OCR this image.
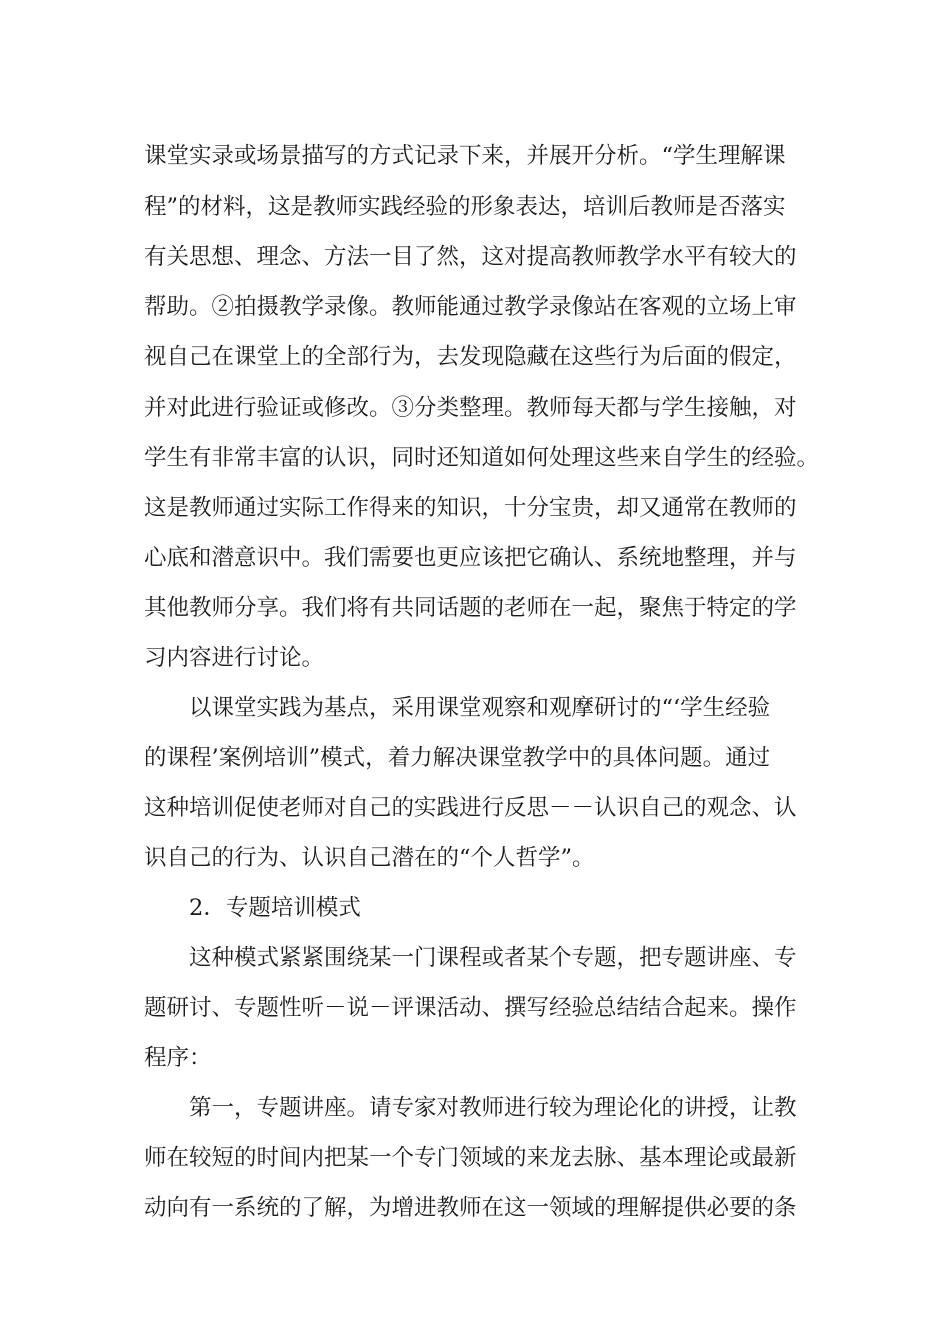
课堂实录或场景描写的方式记录下来，并展开分析。“学生理解课
程”的材料，这是教师实践经验的形象表达，培训后教师是否落实
有关思想、理念、方法一目了然，这对提高教师教学水平有较大的
帮助。②拍摄教学录像。教师能通过教学录像站在客观的立场上审
视自己在课堂上的全部行为，去发现隐藏在这些行为后面的假定，
并对此进行验证或修改。③分类整理。教师每天都与学生接触，对
学生有非常丰富的认识，同时还知道如何处理这些来自学生的经验。
这是教师通过实际工作得来的知识，十分宝贵，却又通常在教师的
心底和潜意识中。我们需要也更应该把它确认、系统地整理，并与
其他教师分享。我们将有共同话题的老师在一起，聚焦于特定的学
习内容进行讨论。
以课堂实践为基点，采用课堂观察和观摩研讨的“‘学生经验
的课程’案例培训”模式，着力解决课堂教学中的具体问题。通过
这种培训促使老师对自己的实践进行反思－－认识自己的观念、认
识自己的行为、认识自己潜在的“个人哲学”。
2．专题培训模式
这种模式紧紧围绕某一门课程或者某个专题，把专题讲座、专
题研讨、专题性听－说－评课活动、撰写经验总结结合起来。操作
程序：
第一，专题讲座。请专家对教师进行较为理论化的讲授，让教
师在较短的时间内把某一个专门领域的来龙去脉、基本理论或最新
动向有一系统的了解，为增进教师在这一领域的理解提供必要的条
